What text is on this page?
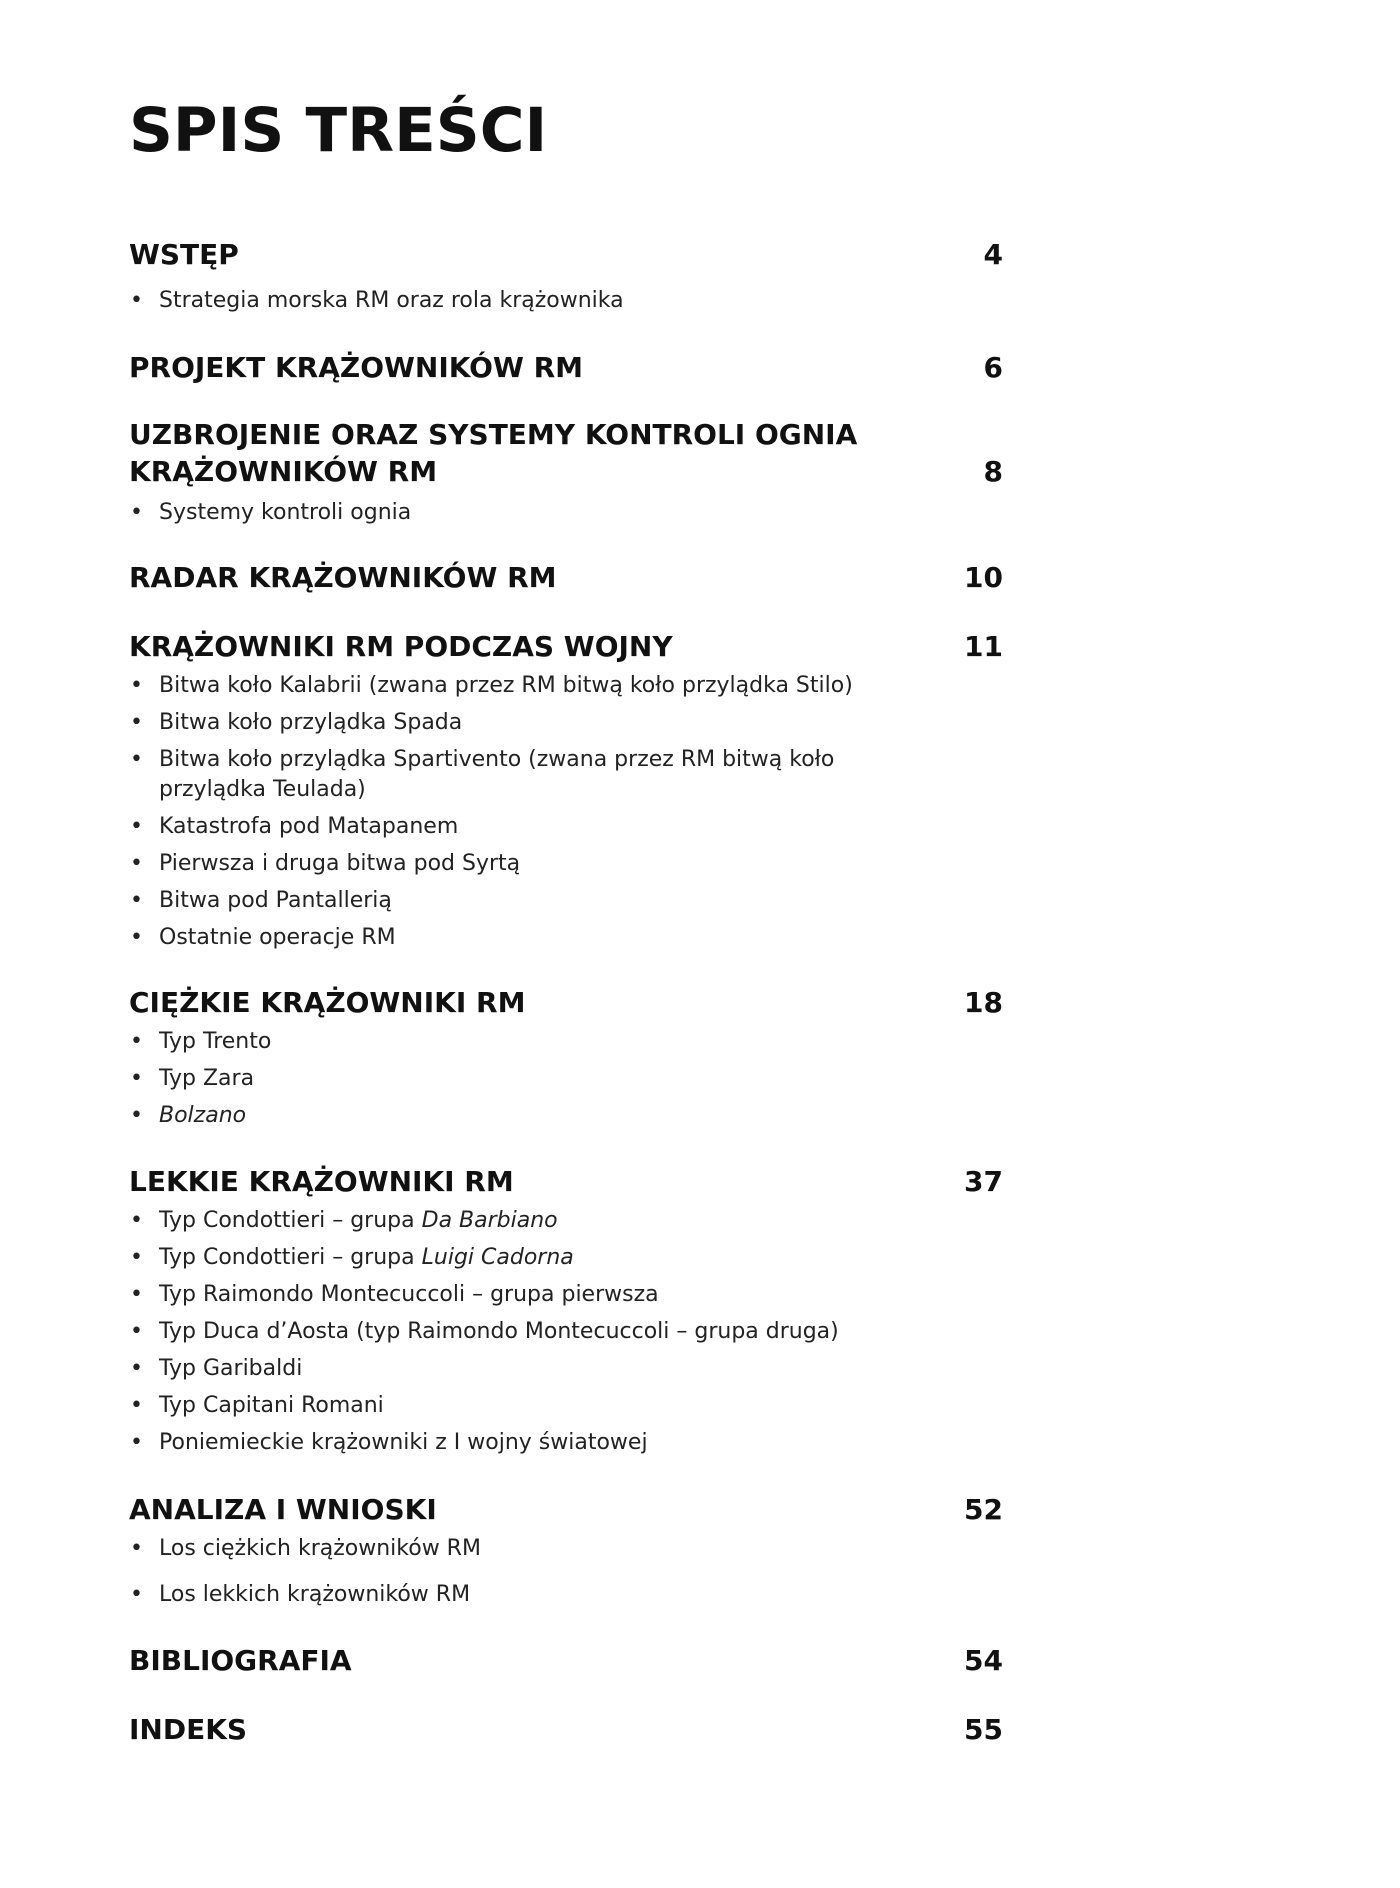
SPIS TREŚCI
WSTĘP	4
• Strategia morska RM oraz rola krążownika
PROJEKT KRĄŻOWNIKÓW RM	6
UZBROJENIE ORAZ SYSTEMY KONTROLI OGNIA
KRĄŻOWNIKÓW RM	8
• Systemy kontroli ognia
RADAR KRĄŻOWNIKÓW RM	10
KRĄŻOWNIKI RM PODCZAS WOJNY	11
• Bitwa koło Kalabrii (zwana przez RM bitwą koło przylądka Stilo)
• Bitwa koło przylądka Spada
• Bitwa koło przylądka Spartivento (zwana przez RM bitwą koło przylądka Teulada)
• Katastrofa pod Matapanem
• Pierwsza i druga bitwa pod Syrtą
• Bitwa pod Pantallerią
• Ostatnie operacje RM
CIĘŻKIE KRĄŻOWNIKI RM	18
• Typ Trento
• Typ Zara
• Bolzano
LEKKIE KRĄŻOWNIKI RM	37
• Typ Condottieri – grupa Da Barbiano
• Typ Condottieri – grupa Luigi Cadorna
• Typ Raimondo Montecuccoli – grupa pierwsza
• Typ Duca d’Aosta (typ Raimondo Montecuccoli – grupa druga)
• Typ Garibaldi
• Typ Capitani Romani
• Poniemieckie krążowniki z I wojny światowej
ANALIZA I WNIOSKI	52
• Los ciężkich krążowników RM
• Los lekkich krążowników RM
BIBLIOGRAFIA	54
INDEKS	55
